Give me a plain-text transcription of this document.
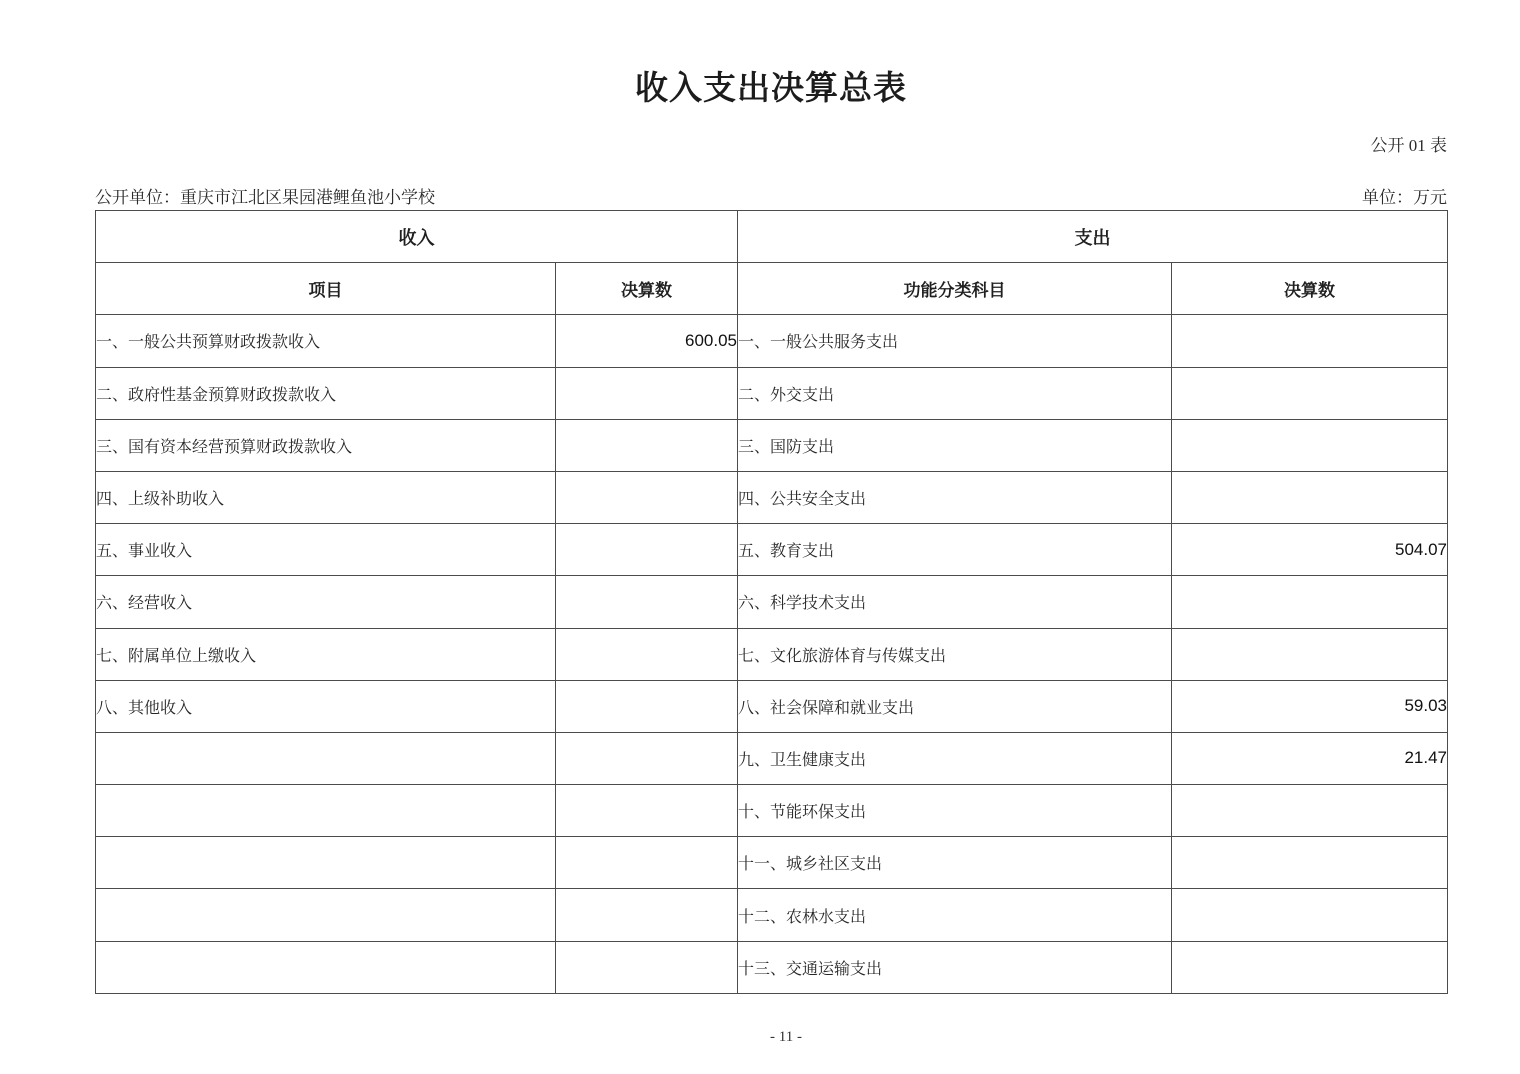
收入支出决算总表
公开 01 表
公开单位：重庆市江北区果园港鲤鱼池小学校	单位：万元
收入		支出	
项目	决算数	功能分类科目	决算数
一、一般公共预算财政拨款收入	600.05	一、一般公共服务支出	
二、政府性基金预算财政拨款收入		二、外交支出	
三、国有资本经营预算财政拨款收入		三、国防支出	
四、上级补助收入		四、公共安全支出	
五、事业收入		五、教育支出	504.07
六、经营收入		六、科学技术支出	
七、附属单位上缴收入		七、文化旅游体育与传媒支出	
八、其他收入		八、社会保障和就业支出	59.03
		九、卫生健康支出	21.47
		十、节能环保支出	
		十一、城乡社区支出	
		十二、农林水支出	
		十三、交通运输支出	
- 11 -
